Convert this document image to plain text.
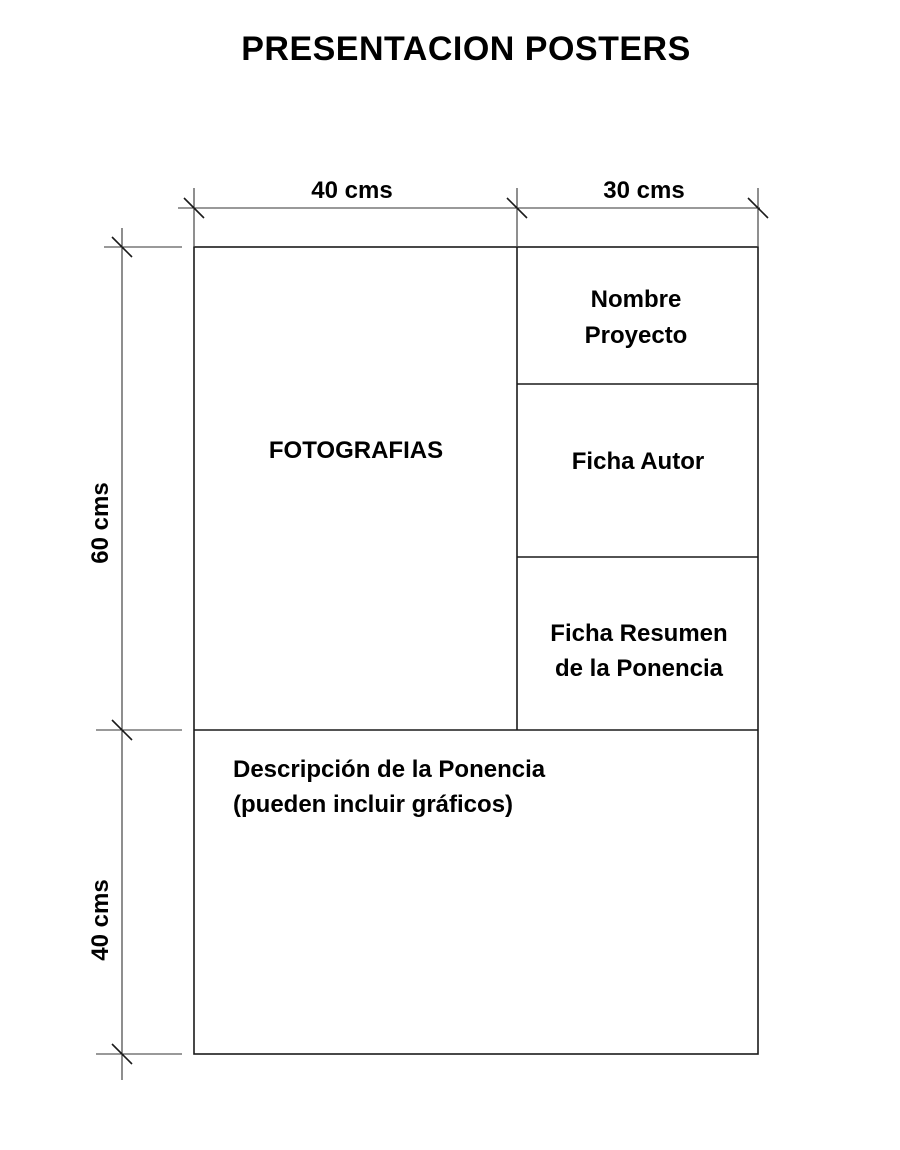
PRESENTACION POSTERS
40 cms	30 cms
60 cms
40 cms
FOTOGRAFIAS
Nombre
Proyecto
Ficha Autor
Ficha Resumen
de la Ponencia
Descripción de la Ponencia
(pueden incluir gráficos)
